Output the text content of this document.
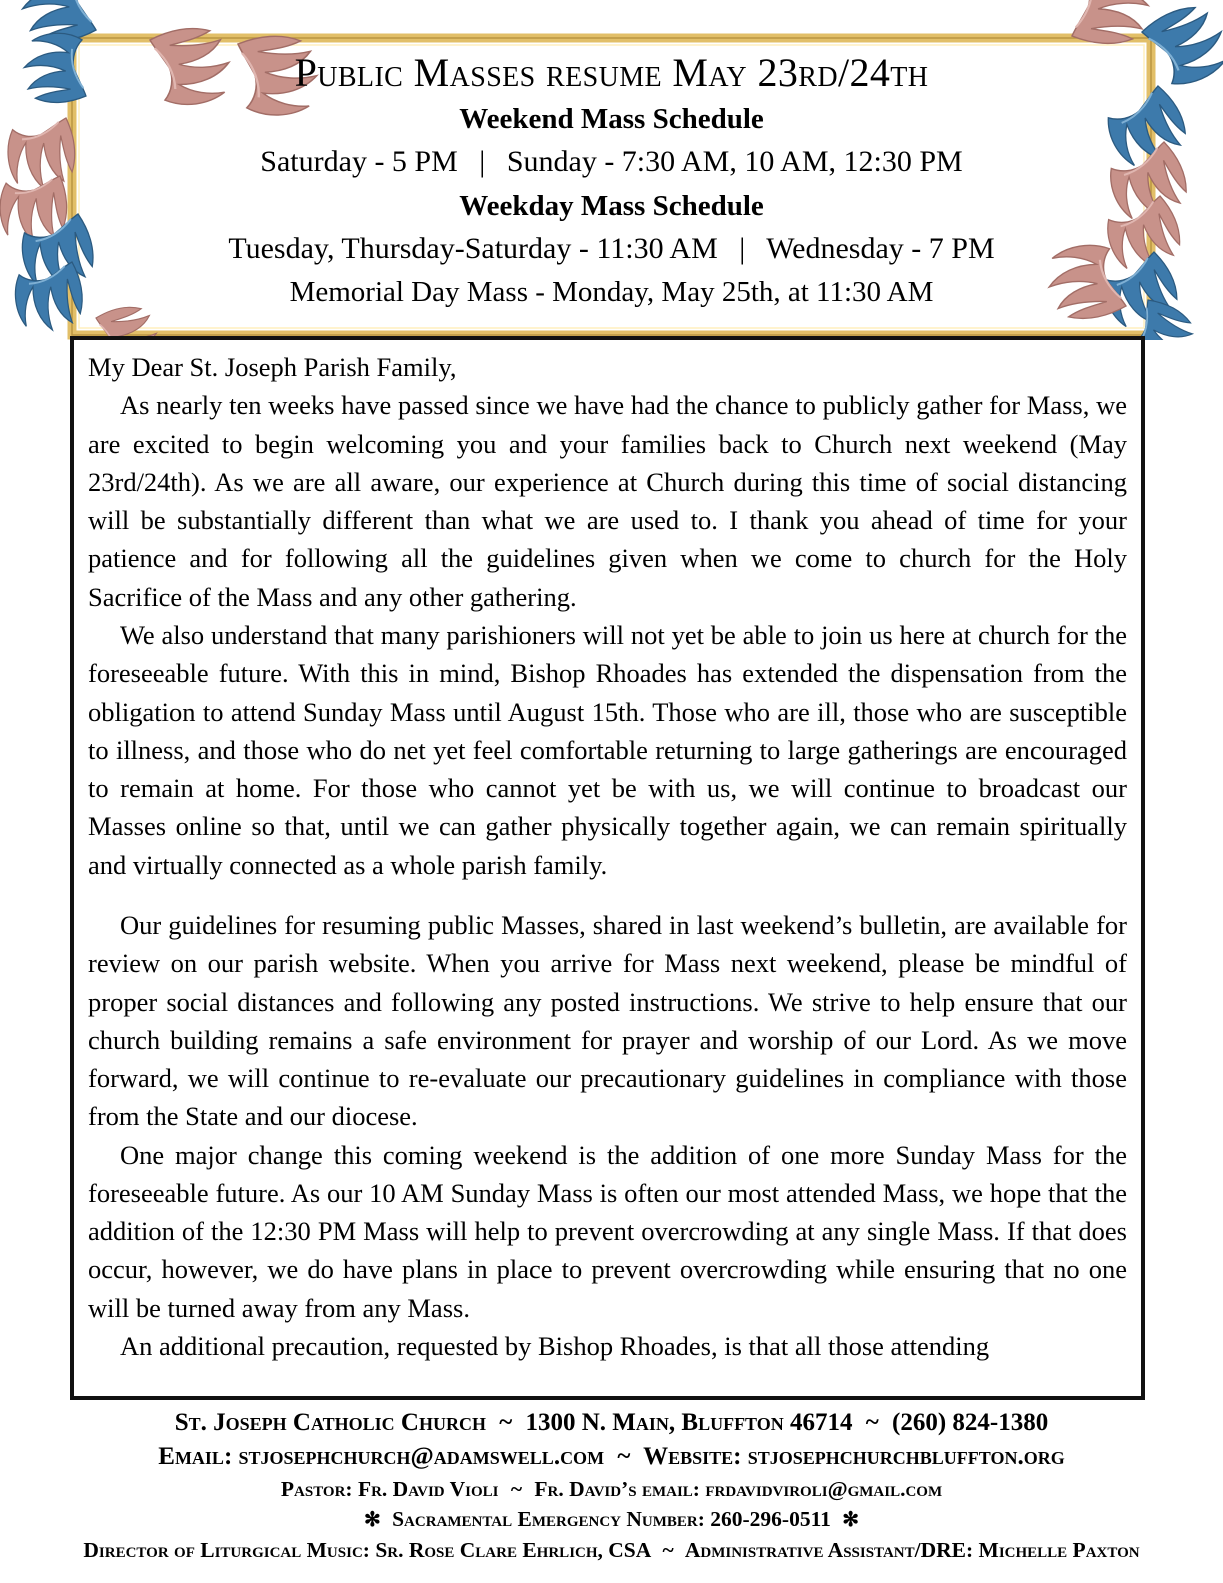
Public Masses resume May 23rd/24th
Weekend Mass Schedule
Saturday - 5 PM | Sunday - 7:30 AM, 10 AM, 12:30 PM
Weekday Mass Schedule
Tuesday, Thursday-Saturday - 11:30 AM | Wednesday - 7 PM
Memorial Day Mass - Monday, May 25th, at 11:30 AM

My Dear St. Joseph Parish Family,

As nearly ten weeks have passed since we have had the chance to publicly gather for Mass, we are excited to begin welcoming you and your families back to Church next weekend (May 23rd/24th). As we are all aware, our experience at Church during this time of social distancing will be substantially different than what we are used to. I thank you ahead of time for your patience and for following all the guidelines given when we come to church for the Holy Sacrifice of the Mass and any other gathering.

We also understand that many parishioners will not yet be able to join us here at church for the foreseeable future. With this in mind, Bishop Rhoades has extended the dispensation from the obligation to attend Sunday Mass until August 15th. Those who are ill, those who are susceptible to illness, and those who do net yet feel comfortable returning to large gatherings are encouraged to remain at home. For those who cannot yet be with us, we will continue to broadcast our Masses online so that, until we can gather physically together again, we can remain spiritually and virtually connected as a whole parish family.

Our guidelines for resuming public Masses, shared in last weekend’s bulletin, are available for review on our parish website. When you arrive for Mass next weekend, please be mindful of proper social distances and following any posted instructions. We strive to help ensure that our church building remains a safe environment for prayer and worship of our Lord. As we move forward, we will continue to re-evaluate our precautionary guidelines in compliance with those from the State and our diocese.

One major change this coming weekend is the addition of one more Sunday Mass for the foreseeable future. As our 10 AM Sunday Mass is often our most attended Mass, we hope that the addition of the 12:30 PM Mass will help to prevent overcrowding at any single Mass. If that does occur, however, we do have plans in place to prevent overcrowding while ensuring that no one will be turned away from any Mass.

An additional precaution, requested by Bishop Rhoades, is that all those attending

St. Joseph Catholic Church ~ 1300 N. Main, Bluffton 46714 ~ (260) 824-1380
Email: stjosephchurch@adamswell.com ~ Website: stjosephchurchbluffton.org
Pastor: Fr. David Violi ~ Fr. David’s email: frdavidviroli@gmail.com
✻ Sacramental Emergency Number: 260-296-0511 ✻
Director of Liturgical Music: Sr. Rose Clare Ehrlich, CSA ~ Administrative Assistant/DRE: Michelle Paxton
